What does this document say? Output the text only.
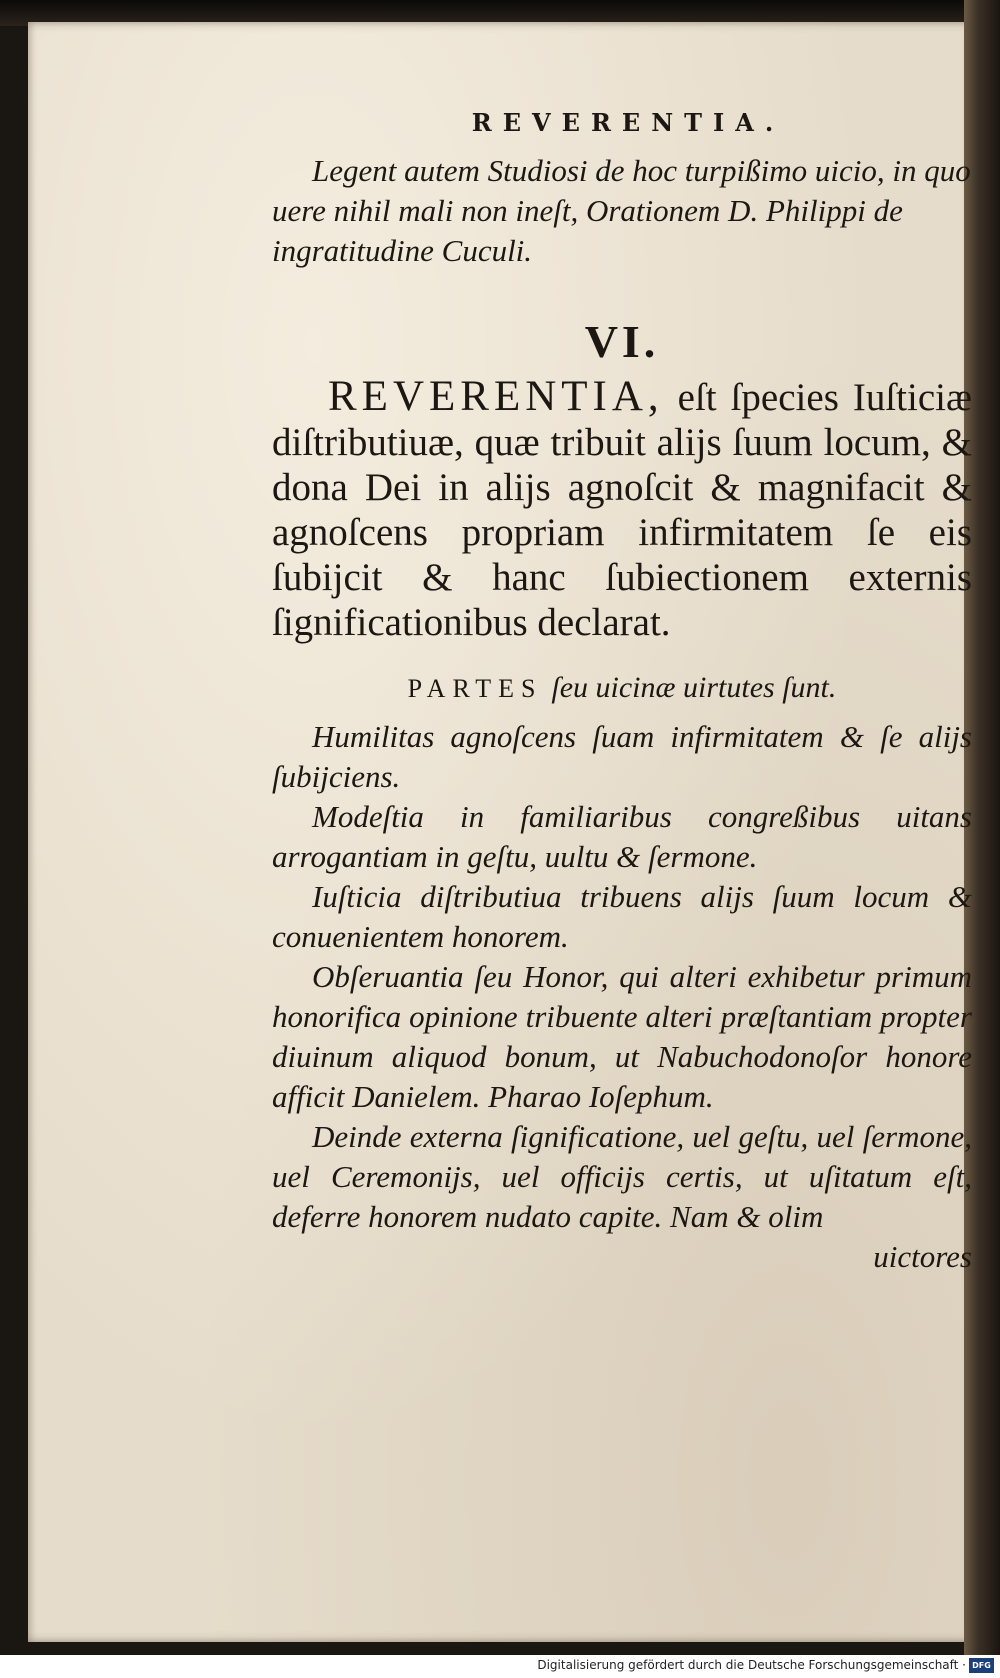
REVERENTIA.

Legent autem Studiosi de hoc turpißimo uicio, in quo uere nihil mali non ineſt, Orationem D. Philippi de ingratitudine Cuculi.

VI.

REVERENTIA, eſt ſpecies Iuſticiæ diſtributiuæ, quæ tribuit alijs ſuum locum, & dona Dei in alijs agnoſcit & magnifacit & agnoſcens propriam infirmitatem ſe eis ſubijcit & hanc ſubiectionem externis ſignificationibus declarat.

PARTES ſeu uicinæ uirtutes ſunt.

Humilitas agnoſcens ſuam infirmitatem & ſe alijs ſubijciens.

Modeſtia in familiaribus congreßibus uitans arrogantiam in geſtu, uultu & ſermone.

Iuſticia diſtributiua tribuens alijs ſuum locum & conuenientem honorem.

Obſeruantia ſeu Honor, qui alteri exhibetur primum honorifica opinione tribuente alteri præſtantiam propter diuinum aliquod bonum, ut Nabuchodonoſor honore afficit Danielem. Pharao Ioſephum.

Deinde externa ſignificatione, uel geſtu, uel ſermone, uel Ceremonijs, uel officijs certis, ut uſitatum eſt, deferre honorem nudato capite. Nam & olim

uictores
Digitalisierung gefördert durch die Deutsche Forschungsgemeinschaft · DFG
